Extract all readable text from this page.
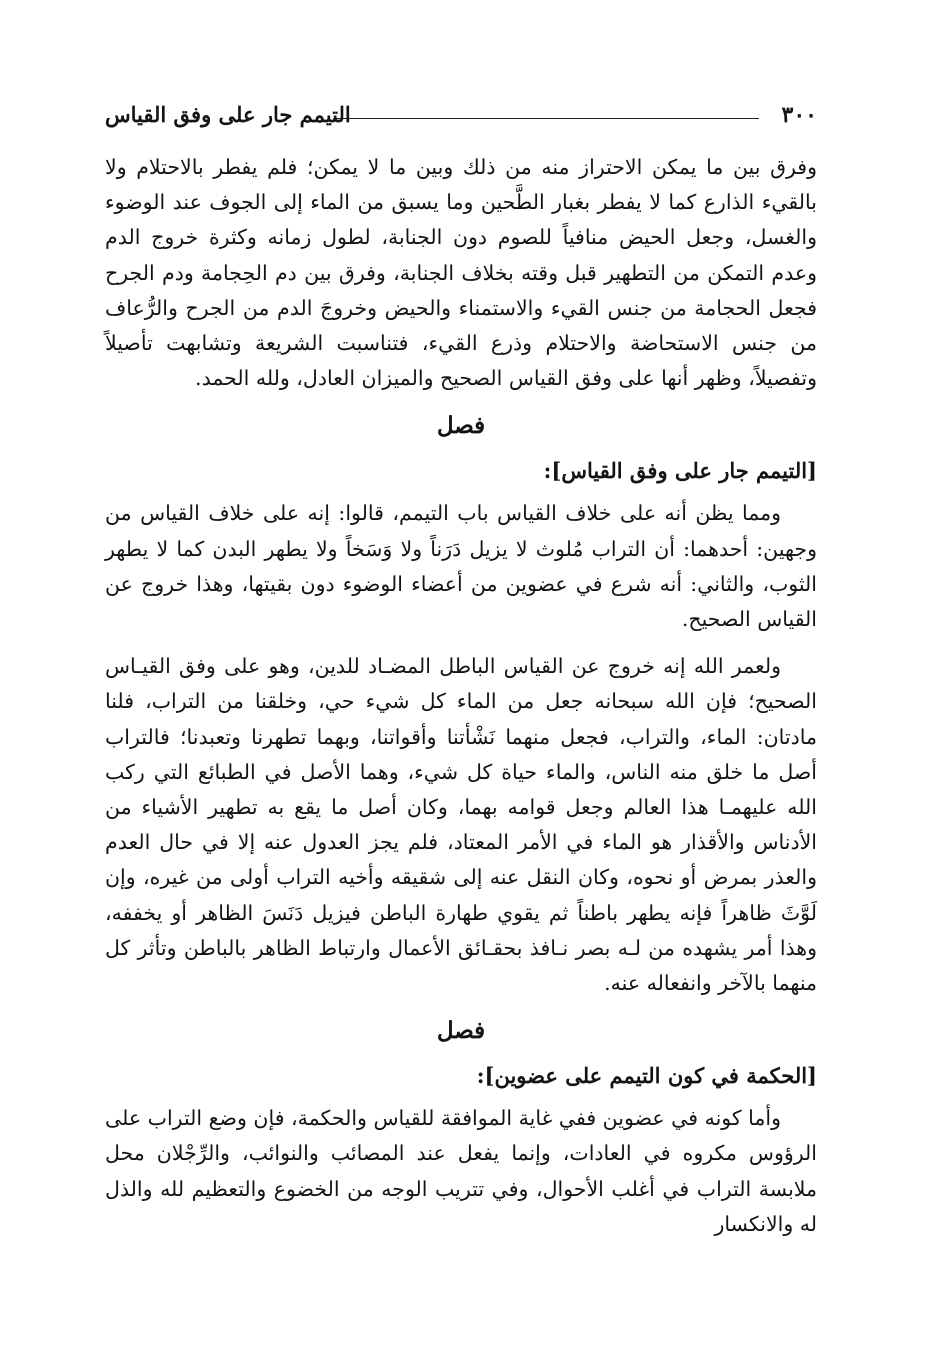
٣٠٠
التيمم جار على وفق القياس

وفرق بين ما يمكن الاحتراز منه من ذلك وبين ما لا يمكن؛ فلم يفطر بالاحتلام ولا بالقيء الذارع كما لا يفطر بغبار الطَّحين وما يسبق من الماء إلى الجوف عند الوضوء والغسل، وجعل الحيض منافياً للصوم دون الجنابة، لطول زمانه وكثرة خروج الدم وعدم التمكن من التطهير قبل وقته بخلاف الجنابة، وفرق بين دم الحِجامة ودم الجرح فجعل الحجامة من جنس القيء والاستمناء والحيض وخروجَ الدم من الجرح والرُّعاف من جنس الاستحاضة والاحتلام وذرع القيء، فتناسبت الشريعة وتشابهت تأصيلاً وتفصيلاً، وظهر أنها على وفق القياس الصحيح والميزان العادل، ولله الحمد.

فصل
[التيمم جار على وفق القياس]:

ومما يظن أنه على خلاف القياس باب التيمم، قالوا: إنه على خلاف القياس من وجهين: أحدهما: أن التراب مُلوث لا يزيل دَرَناً ولا وَسَخاً ولا يطهر البدن كما لا يطهر الثوب، والثاني: أنه شرع في عضوين من أعضاء الوضوء دون بقيتها، وهذا خروج عن القياس الصحيح.

ولعمر الله إنه خروج عن القياس الباطل المضـاد للدين، وهو على وفق القيـاس الصحيح؛ فإن الله سبحانه جعل من الماء كل شيء حي، وخلقنا من التراب، فلنا مادتان: الماء، والتراب، فجعل منهما نَشْأتنا وأقواتنا، وبهما تطهرنا وتعبدنا؛ فالتراب أصل ما خلق منه الناس، والماء حياة كل شيء، وهما الأصل في الطبائع التي ركب الله عليهمـا هذا العالم وجعل قوامه بهما، وكان أصل ما يقع به تطهير الأشياء من الأدناس والأقذار هو الماء في الأمر المعتاد، فلم يجز العدول عنه إلا في حال العدم والعذر بمرض أو نحوه، وكان النقل عنه إلى شقيقه وأخيه التراب أولى من غيره، وإن لَوَّثَ ظاهراً فإنه يطهر باطناً ثم يقوي طهارة الباطن فيزيل دَنَسَ الظاهر أو يخففه، وهذا أمر يشهده من لـه بصر نـافذ بحقـائق الأعمال وارتباط الظاهر بالباطن وتأثر كل منهما بالآخر وانفعاله عنه.

فصل
[الحكمة في كون التيمم على عضوين]:

وأما كونه في عضوين ففي غاية الموافقة للقياس والحكمة، فإن وضع التراب على الرؤوس مكروه في العادات، وإنما يفعل عند المصائب والنوائب، والرِّجْلان محل ملابسة التراب في أغلب الأحوال، وفي تتريب الوجه من الخضوع والتعظيم لله والذل له والانكسار
